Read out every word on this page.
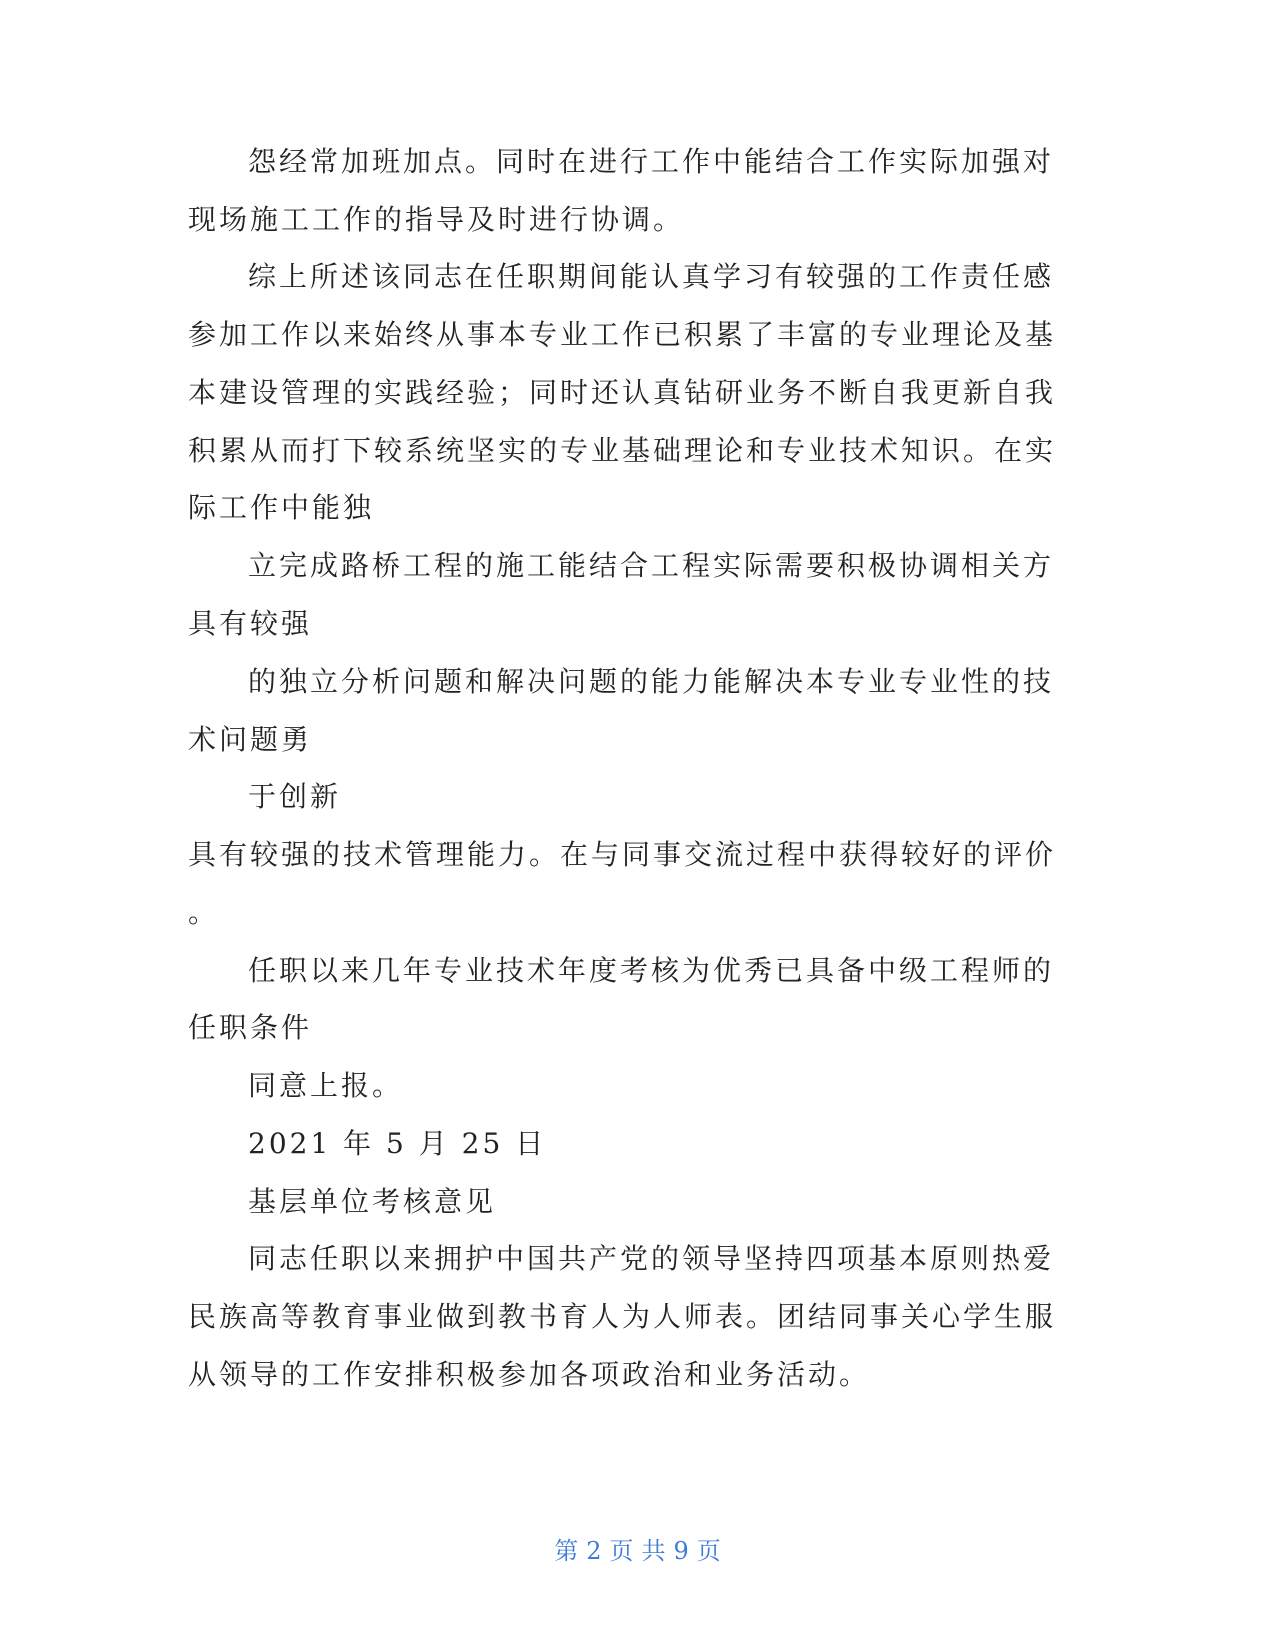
怨经常加班加点。同时在进行工作中能结合工作实际加强对

现场施工工作的指导及时进行协调。

综上所述该同志在任职期间能认真学习有较强的工作责任感

参加工作以来始终从事本专业工作已积累了丰富的专业理论及基

本建设管理的实践经验；同时还认真钻研业务不断自我更新自我

积累从而打下较系统坚实的专业基础理论和专业技术知识。在实

际工作中能独

立完成路桥工程的施工能结合工程实际需要积极协调相关方

具有较强

的独立分析问题和解决问题的能力能解决本专业专业性的技

术问题勇

于创新

具有较强的技术管理能力。在与同事交流过程中获得较好的评价

。

任职以来几年专业技术年度考核为优秀已具备中级工程师的

任职条件

同意上报。

2021 年 5 月 25 日

基层单位考核意见

同志任职以来拥护中国共产党的领导坚持四项基本原则热爱

民族高等教育事业做到教书育人为人师表。团结同事关心学生服

从领导的工作安排积极参加各项政治和业务活动。

第 2 页 共 9 页
